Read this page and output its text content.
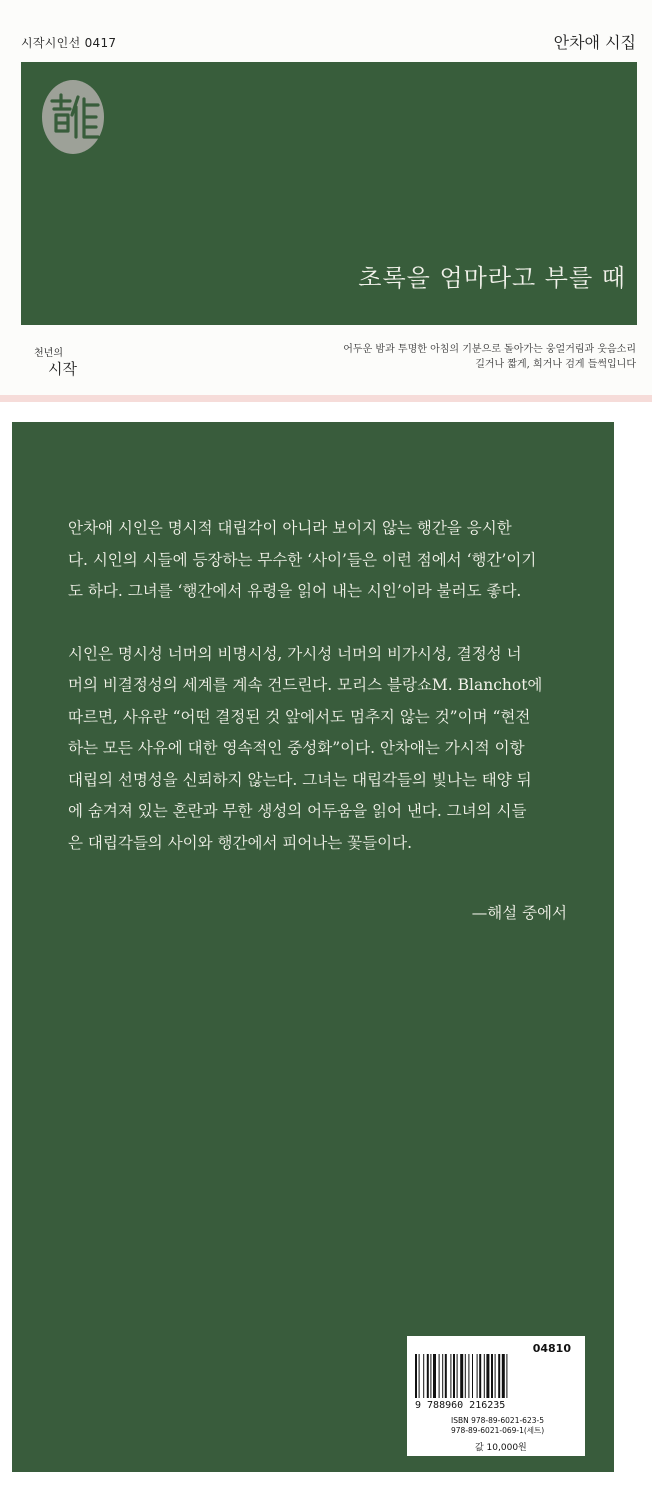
시작시인선 0417	안차애 시집
초록을 엄마라고 부를 때
천년의
시작
어두운 밤과 투명한 아침의 기분으로 돌아가는 웅얼거림과 웃음소리
길거나 짧게, 희거나 검게 들썩입니다

안차애 시인은 명시적 대립각이 아니라 보이지 않는 행간을 응시한
다. 시인의 시들에 등장하는 무수한 ‘사이’들은 이런 점에서 ‘행간’이기
도 하다. 그녀를 ‘행간에서 유령을 읽어 내는 시인’이라 불러도 좋다.

시인은 명시성 너머의 비명시성, 가시성 너머의 비가시성, 결정성 너
머의 비결정성의 세계를 계속 건드린다. 모리스 블랑쇼M. Blanchot에
따르면, 사유란 “어떤 결정된 것 앞에서도 멈추지 않는 것”이며 “현전
하는 모든 사유에 대한 영속적인 중성화”이다. 안차애는 가시적 이항
대립의 선명성을 신뢰하지 않는다. 그녀는 대립각들의 빛나는 태양 뒤
에 숨겨져 있는 혼란과 무한 생성의 어두움을 읽어 낸다. 그녀의 시들
은 대립각들의 사이와 행간에서 피어나는 꽃들이다.

—해설 중에서
04810
9 788960 216235
ISBN 978-89-6021-623-5
978-89-6021-069-1(세트)
값 10,000원
